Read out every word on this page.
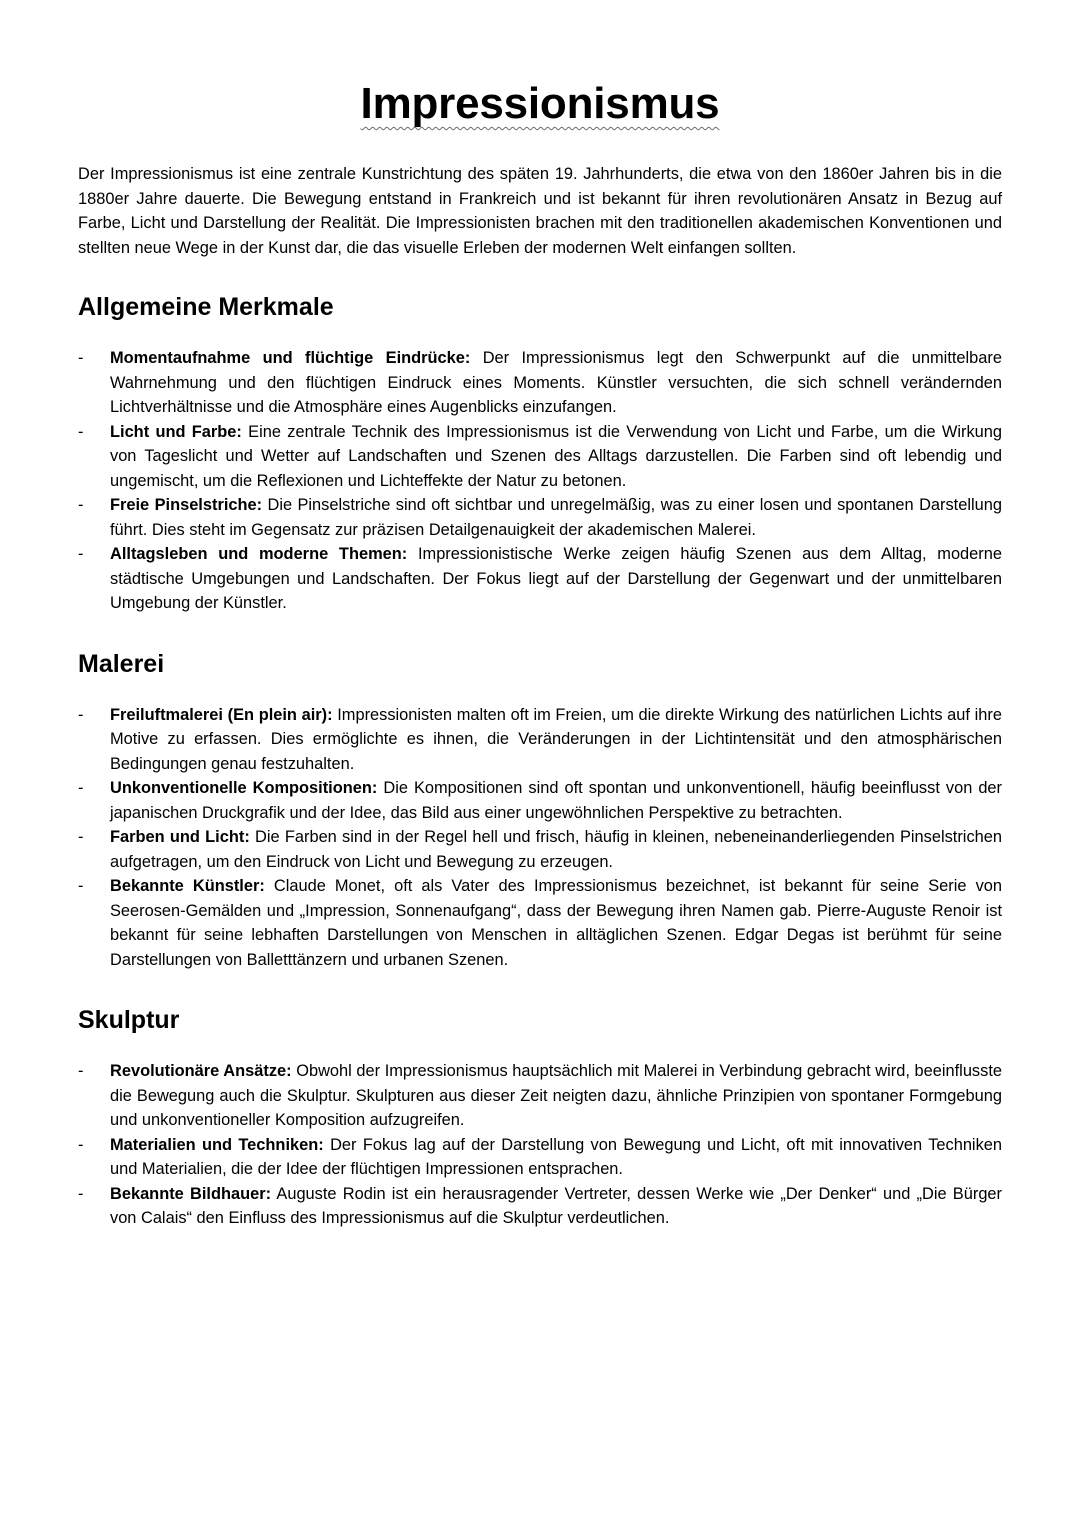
Impressionismus

Der Impressionismus ist eine zentrale Kunstrichtung des späten 19. Jahrhunderts, die etwa von den 1860er Jahren bis in die 1880er Jahre dauerte. Die Bewegung entstand in Frankreich und ist bekannt für ihren revolutionären Ansatz in Bezug auf Farbe, Licht und Darstellung der Realität. Die Impressionisten brachen mit den traditionellen akademischen Konventionen und stellten neue Wege in der Kunst dar, die das visuelle Erleben der modernen Welt einfangen sollten.

Allgemeine Merkmale
- Momentaufnahme und flüchtige Eindrücke: Der Impressionismus legt den Schwerpunkt auf die unmittelbare Wahrnehmung und den flüchtigen Eindruck eines Moments. Künstler versuchten, die sich schnell verändernden Lichtverhältnisse und die Atmosphäre eines Augenblicks einzufangen.
- Licht und Farbe: Eine zentrale Technik des Impressionismus ist die Verwendung von Licht und Farbe, um die Wirkung von Tageslicht und Wetter auf Landschaften und Szenen des Alltags darzustellen. Die Farben sind oft lebendig und ungemischt, um die Reflexionen und Lichteffekte der Natur zu betonen.
- Freie Pinselstriche: Die Pinselstriche sind oft sichtbar und unregelmäßig, was zu einer losen und spontanen Darstellung führt. Dies steht im Gegensatz zur präzisen Detailgenauigkeit der akademischen Malerei.
- Alltagsleben und moderne Themen: Impressionistische Werke zeigen häufig Szenen aus dem Alltag, moderne städtische Umgebungen und Landschaften. Der Fokus liegt auf der Darstellung der Gegenwart und der unmittelbaren Umgebung der Künstler.
Malerei
- Freiluftmalerei (En plein air): Impressionisten malten oft im Freien, um die direkte Wirkung des natürlichen Lichts auf ihre Motive zu erfassen. Dies ermöglichte es ihnen, die Veränderungen in der Lichtintensität und den atmosphärischen Bedingungen genau festzuhalten.
- Unkonventionelle Kompositionen: Die Kompositionen sind oft spontan und unkonventionell, häufig beeinflusst von der japanischen Druckgrafik und der Idee, das Bild aus einer ungewöhnlichen Perspektive zu betrachten.
- Farben und Licht: Die Farben sind in der Regel hell und frisch, häufig in kleinen, nebeneinanderliegenden Pinselstrichen aufgetragen, um den Eindruck von Licht und Bewegung zu erzeugen.
- Bekannte Künstler: Claude Monet, oft als Vater des Impressionismus bezeichnet, ist bekannt für seine Serie von Seerosen-Gemälden und „Impression, Sonnenaufgang“, dass der Bewegung ihren Namen gab. Pierre-Auguste Renoir ist bekannt für seine lebhaften Darstellungen von Menschen in alltäglichen Szenen. Edgar Degas ist berühmt für seine Darstellungen von Balletttänzern und urbanen Szenen.
Skulptur
- Revolutionäre Ansätze: Obwohl der Impressionismus hauptsächlich mit Malerei in Verbindung gebracht wird, beeinflusste die Bewegung auch die Skulptur. Skulpturen aus dieser Zeit neigten dazu, ähnliche Prinzipien von spontaner Formgebung und unkonventioneller Komposition aufzugreifen.
- Materialien und Techniken: Der Fokus lag auf der Darstellung von Bewegung und Licht, oft mit innovativen Techniken und Materialien, die der Idee der flüchtigen Impressionen entsprachen.
- Bekannte Bildhauer: Auguste Rodin ist ein herausragender Vertreter, dessen Werke wie „Der Denker“ und „Die Bürger von Calais“ den Einfluss des Impressionismus auf die Skulptur verdeutlichen.
